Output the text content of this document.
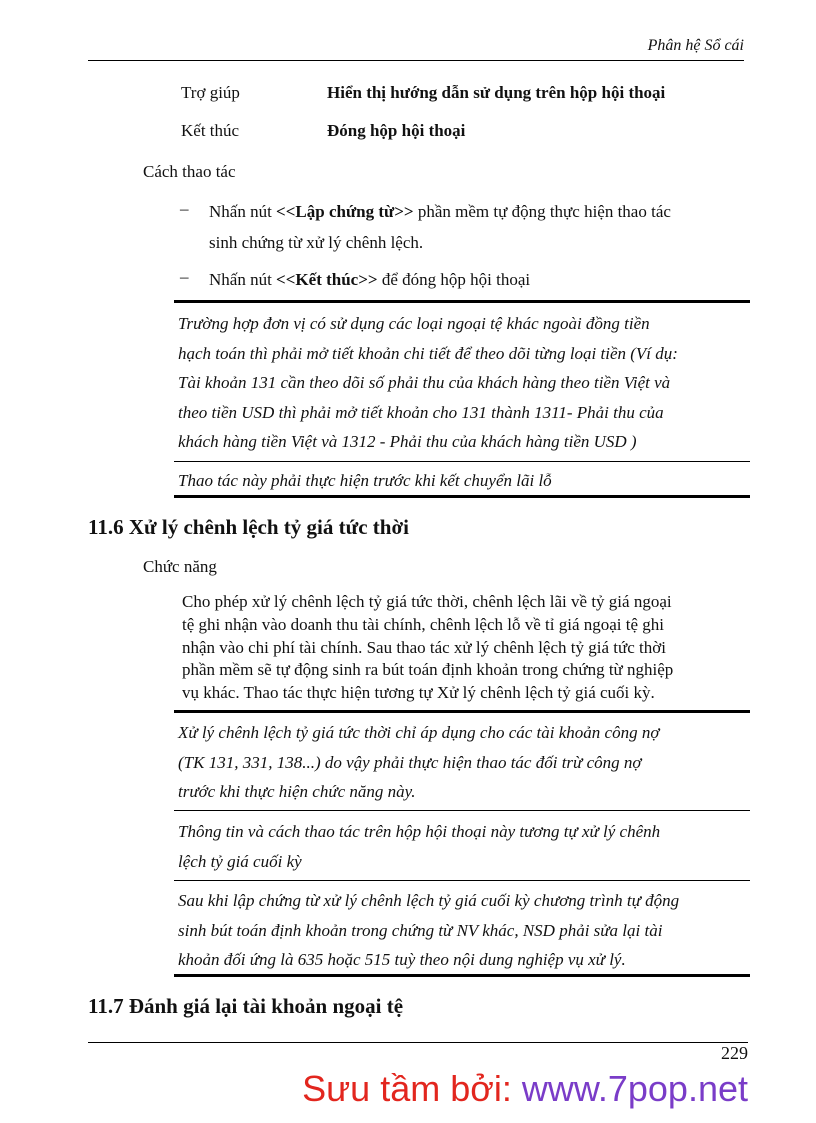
Phân hệ Sổ cái
Trợ giúp	Hiển thị hướng dẫn sử dụng trên hộp hội thoại
Kết thúc	Đóng hộp hội thoại
Cách thao tác
– Nhấn nút <<Lập chứng từ>> phần mềm tự động thực hiện thao tác
sinh chứng từ xử lý chênh lệch.
– Nhấn nút <<Kết thúc>> để đóng hộp hội thoại
Trường hợp đơn vị có sử dụng các loại ngoại tệ khác ngoài đồng tiền
hạch toán thì phải mở tiết khoản chi tiết để theo dõi từng loại tiền (Ví dụ:
Tài khoản 131 cần theo dõi số phải thu của khách hàng theo tiền Việt và
theo tiền USD thì phải mở tiết khoản cho 131 thành 1311- Phải thu của
khách hàng tiền Việt và 1312 - Phải thu của khách hàng tiền USD )
Thao tác này phải thực hiện trước khi kết chuyển lãi lỗ
11.6 Xử lý chênh lệch tỷ giá tức thời
Chức năng
Cho phép xử lý chênh lệch tỷ giá tức thời, chênh lệch lãi về tỷ giá ngoại
tệ ghi nhận vào doanh thu tài chính, chênh lệch lỗ về tỉ giá ngoại tệ ghi
nhận vào chi phí tài chính. Sau thao tác xử lý chênh lệch tỷ giá tức thời
phần mềm sẽ tự động sinh ra bút toán định khoản trong chứng từ nghiệp
vụ khác. Thao tác thực hiện tương tự Xử lý chênh lệch tỷ giá cuối kỳ.
Xử lý chênh lệch tỷ giá tức thời chỉ áp dụng cho các tài khoản công nợ
(TK 131, 331, 138...) do vậy phải thực hiện thao tác đối trừ công nợ
trước khi thực hiện chức năng này.
Thông tin và cách thao tác trên hộp hội thoại này tương tự xử lý chênh
lệch tỷ giá cuối kỳ
Sau khi lập chứng từ xử lý chênh lệch tỷ giá cuối kỳ chương trình tự động
sinh bút toán định khoản trong chứng từ NV khác, NSD phải sửa lại tài
khoản đối ứng là 635 hoặc 515 tuỳ theo nội dung nghiệp vụ xử lý.
11.7 Đánh giá lại tài khoản ngoại tệ
229
Sưu tầm bởi: www.7pop.net
